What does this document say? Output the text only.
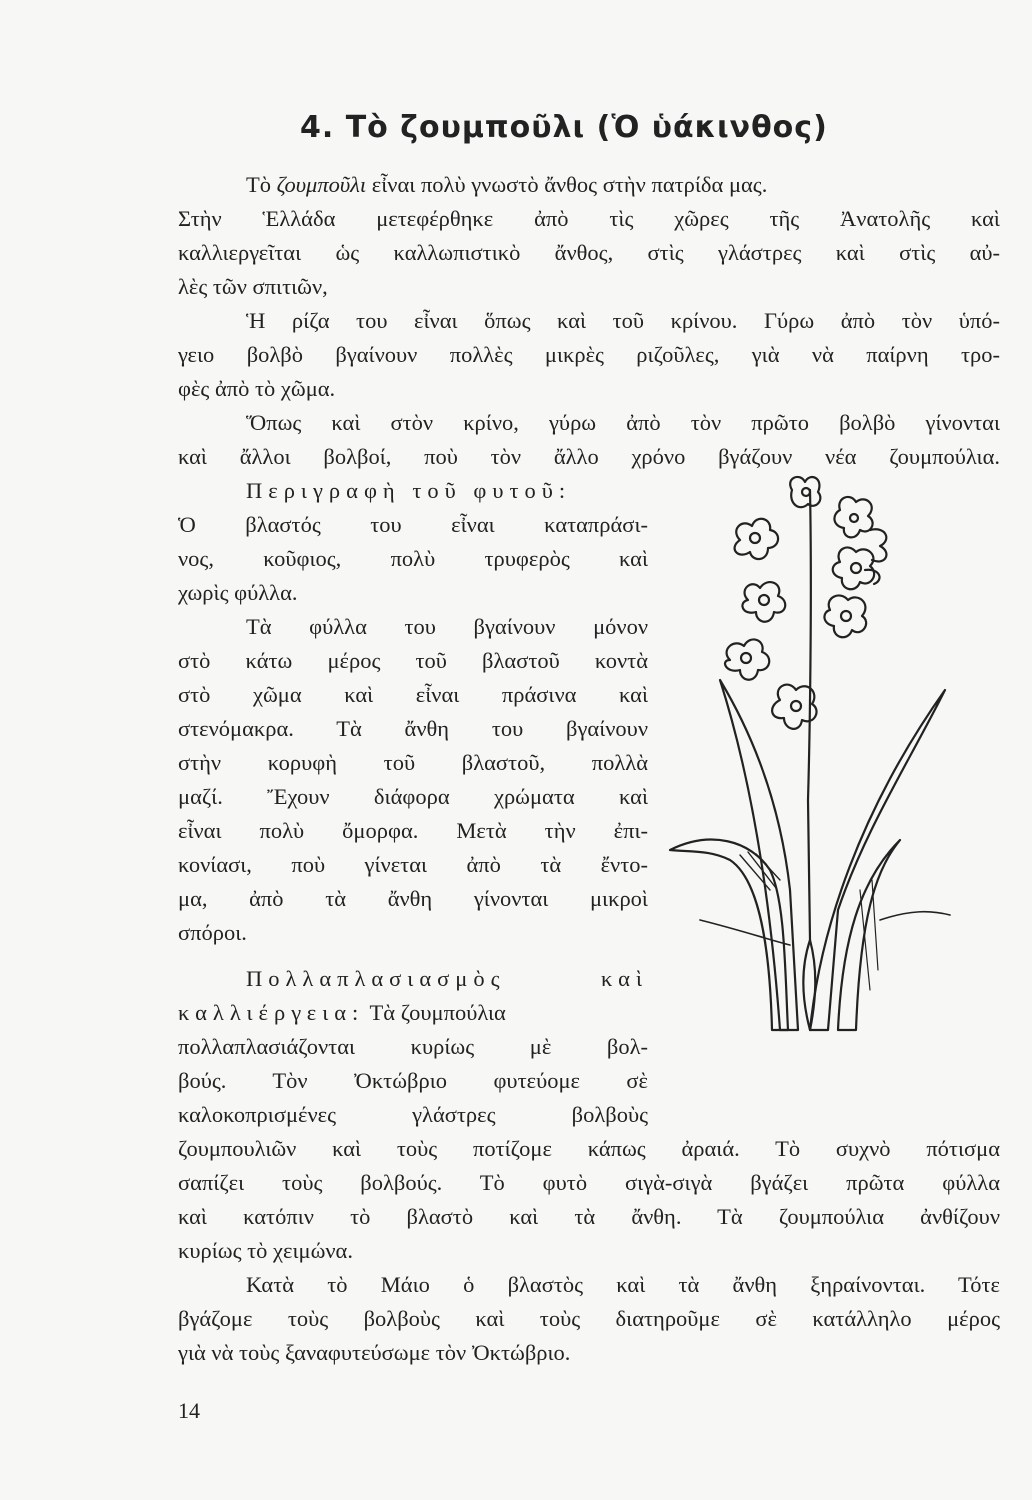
4. Τὸ ζουμποῦλι (Ὁ ὑάκινθος)
Τὸ ζουμποῦλι εἶναι πολὺ γνωστὸ ἄνθος στὴν πατρίδα μας.
Στὴν Ἑλλάδα μετεφέρθηκε ἀπὸ τὶς χῶρες τῆς Ἀνατολῆς καὶ
καλλιεργεῖται ὡς καλλωπιστικὸ ἄνθος, στὶς γλάστρες καὶ στὶς αὐ-
λὲς τῶν σπιτιῶν,
Ἡ ρίζα του εἶναι ὅπως καὶ τοῦ κρίνου. Γύρω ἀπὸ τὸν ὑπό-
γειο βολβὸ βγαίνουν πολλὲς μικρὲς ριζοῦλες, γιὰ νὰ παίρνη τρο-
φὲς ἀπὸ τὸ χῶμα.
Ὅπως καὶ στὸν κρίνο, γύρω ἀπὸ τὸν πρῶτο βολβὸ γίνονται
καὶ ἄλλοι βολβοί, ποὺ τὸν ἄλλο χρόνο βγάζουν νέα ζουμπούλια.
Περιγραφὴ τοῦ φυτοῦ:
Ὁ βλαστός του εἶναι καταπράσι-
νος, κοῦφιος, πολὺ τρυφερὸς καὶ
χωρὶς φύλλα.
Τὰ φύλλα του βγαίνουν μόνον
στὸ κάτω μέρος τοῦ βλαστοῦ κοντὰ
στὸ χῶμα καὶ εἶναι πράσινα καὶ
στενόμακρα. Τὰ ἄνθη του βγαίνουν
στὴν κορυφὴ τοῦ βλαστοῦ, πολλὰ
μαζί. Ἔχουν διάφορα χρώματα καὶ
εἶναι πολὺ ὄμορφα. Μετὰ τὴν ἐπι-
κονίασι, ποὺ γίνεται ἀπὸ τὰ ἔντο-
μα, ἀπὸ τὰ ἄνθη γίνονται μικροὶ
σπόροι.
Πολλαπλασιασμὸς καὶ
καλλιέργεια: Τὰ ζουμπούλια
πολλαπλασιάζονται κυρίως μὲ βολ-
βούς. Τὸν Ὀκτώβριο φυτεύομε σὲ
καλοκοπρισμένες γλάστρες βολβοὺς
ζουμπουλιῶν καὶ τοὺς ποτίζομε κάπως ἀραιά. Τὸ συχνὸ πότισμα
σαπίζει τοὺς βολβούς. Τὸ φυτὸ σιγὰ-σιγὰ βγάζει πρῶτα φύλλα
καὶ κατόπιν τὸ βλαστὸ καὶ τὰ ἄνθη. Τὰ ζουμπούλια ἀνθίζουν
κυρίως τὸ χειμώνα.
Κατὰ τὸ Μάιο ὁ βλαστὸς καὶ τὰ ἄνθη ξηραίνονται. Τότε
βγάζομε τοὺς βολβοὺς καὶ τοὺς διατηροῦμε σὲ κατάλληλο μέρος
γιὰ νὰ τοὺς ξαναφυτεύσωμε τὸν Ὀκτώβριο.
14
